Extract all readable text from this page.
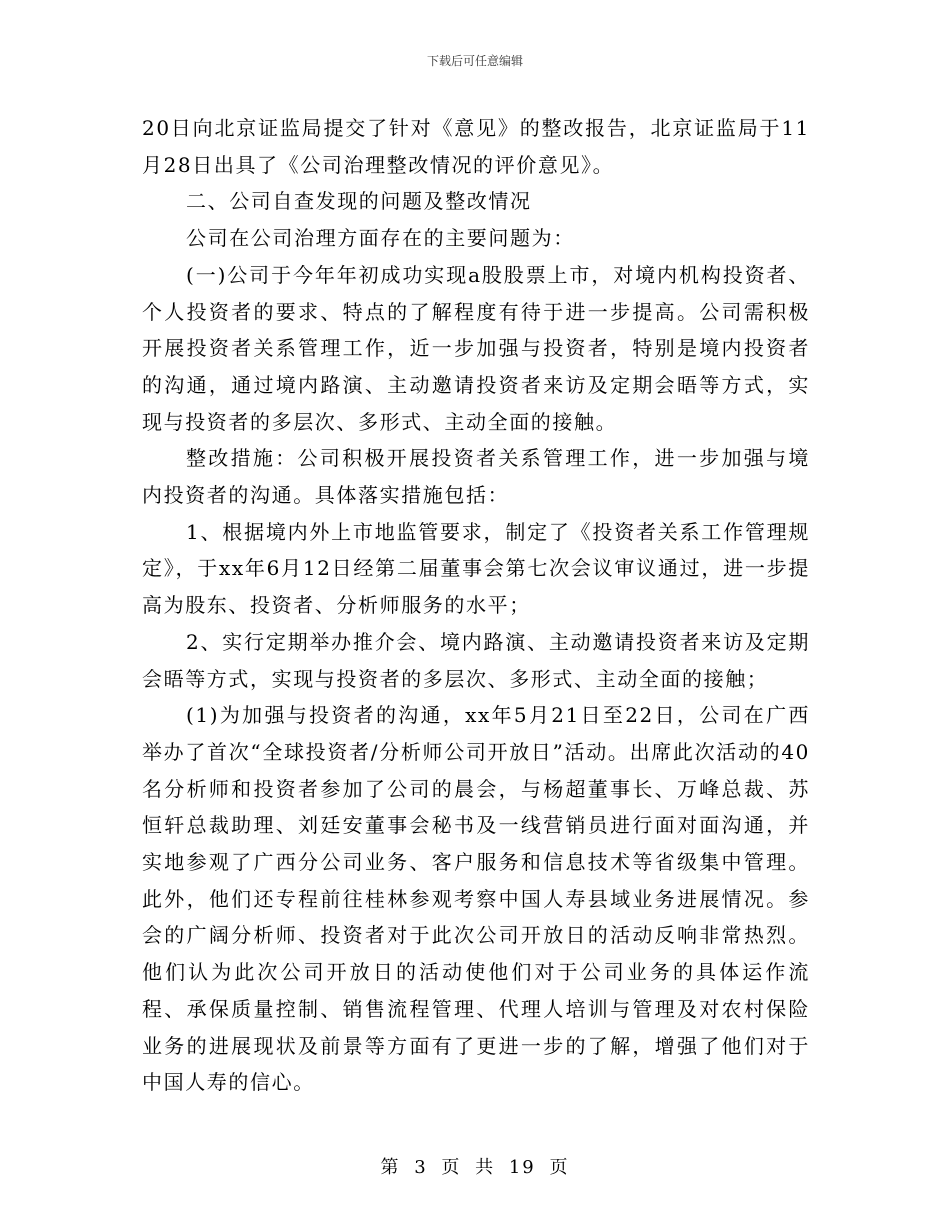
下载后可任意编辑

20日向北京证监局提交了针对《意见》的整改报告，北京证监局于11月28日出具了《公司治理整改情况的评价意见》。

二、公司自查发现的问题及整改情况

公司在公司治理方面存在的主要问题为：

(一)公司于今年年初成功实现a股股票上市，对境内机构投资者、个人投资者的要求、特点的了解程度有待于进一步提高。公司需积极开展投资者关系管理工作，近一步加强与投资者，特别是境内投资者的沟通，通过境内路演、主动邀请投资者来访及定期会晤等方式，实现与投资者的多层次、多形式、主动全面的接触。

整改措施：公司积极开展投资者关系管理工作，进一步加强与境内投资者的沟通。具体落实措施包括：

1、根据境内外上市地监管要求，制定了《投资者关系工作管理规定》，于xx年6月12日经第二届董事会第七次会议审议通过，进一步提高为股东、投资者、分析师服务的水平；

2、实行定期举办推介会、境内路演、主动邀请投资者来访及定期会晤等方式，实现与投资者的多层次、多形式、主动全面的接触；

(1)为加强与投资者的沟通，xx年5月21日至22日，公司在广西举办了首次“全球投资者/分析师公司开放日”活动。出席此次活动的40名分析师和投资者参加了公司的晨会，与杨超董事长、万峰总裁、苏恒轩总裁助理、刘廷安董事会秘书及一线营销员进行面对面沟通，并实地参观了广西分公司业务、客户服务和信息技术等省级集中管理。此外，他们还专程前往桂林参观考察中国人寿县域业务进展情况。参会的广阔分析师、投资者对于此次公司开放日的活动反响非常热烈。他们认为此次公司开放日的活动使他们对于公司业务的具体运作流程、承保质量控制、销售流程管理、代理人培训与管理及对农村保险业务的进展现状及前景等方面有了更进一步的了解，增强了他们对于中国人寿的信心。

第 3 页 共 19 页
